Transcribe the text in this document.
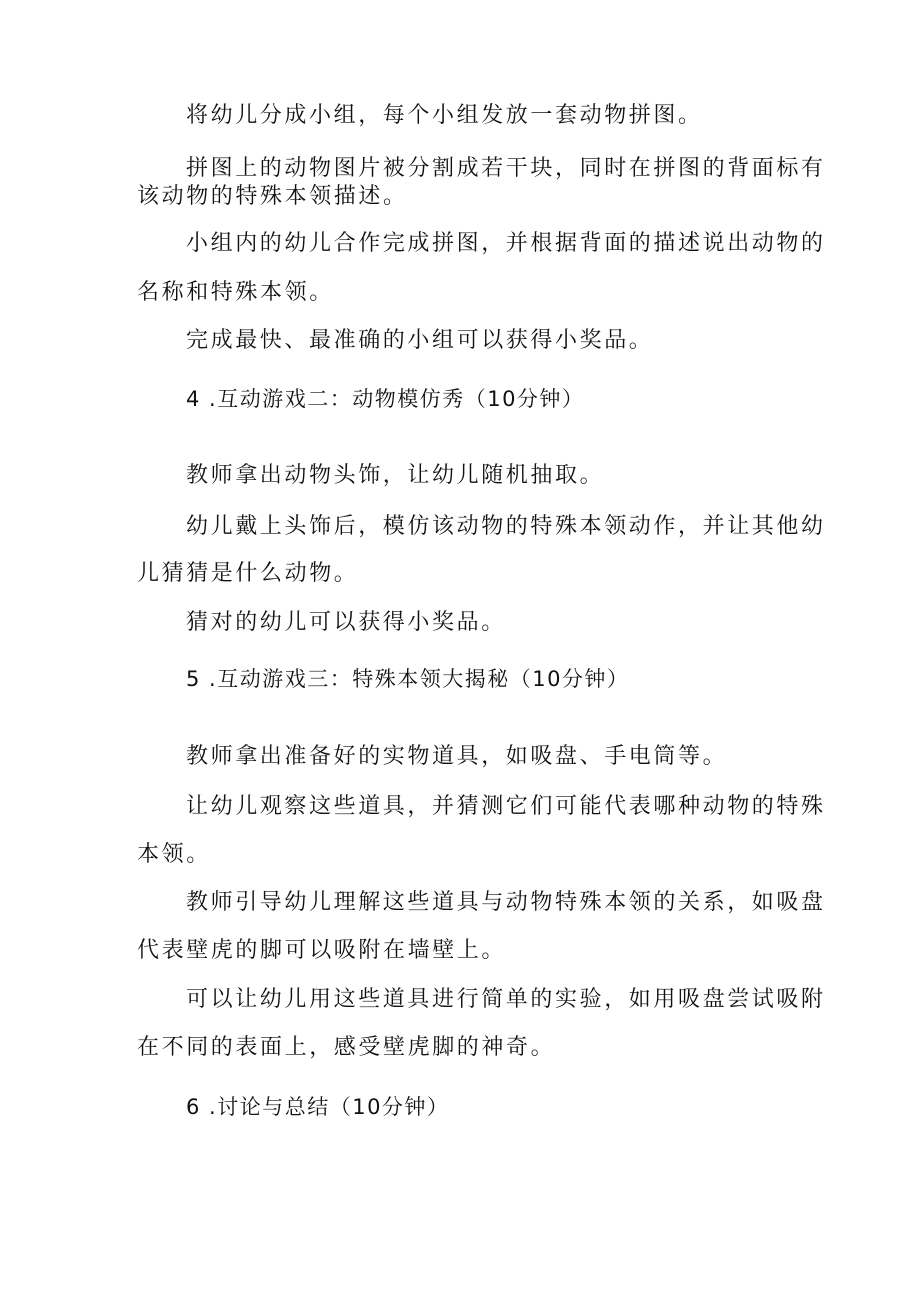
将幼儿分成小组，每个小组发放一套动物拼图。
拼图上的动物图片被分割成若干块，同时在拼图的背面标有
该动物的特殊本领描述。
小组内的幼儿合作完成拼图，并根据背面的描述说出动物的
名称和特殊本领。
完成最快、最准确的小组可以获得小奖品。
4 .互动游戏二：动物模仿秀（10分钟）
教师拿出动物头饰，让幼儿随机抽取。
幼儿戴上头饰后，模仿该动物的特殊本领动作，并让其他幼
儿猜猜是什么动物。
猜对的幼儿可以获得小奖品。
5 .互动游戏三：特殊本领大揭秘（10分钟）
教师拿出准备好的实物道具，如吸盘、手电筒等。
让幼儿观察这些道具，并猜测它们可能代表哪种动物的特殊
本领。
教师引导幼儿理解这些道具与动物特殊本领的关系，如吸盘
代表壁虎的脚可以吸附在墙壁上。
可以让幼儿用这些道具进行简单的实验，如用吸盘尝试吸附
在不同的表面上，感受壁虎脚的神奇。
6 .讨论与总结（10分钟）
